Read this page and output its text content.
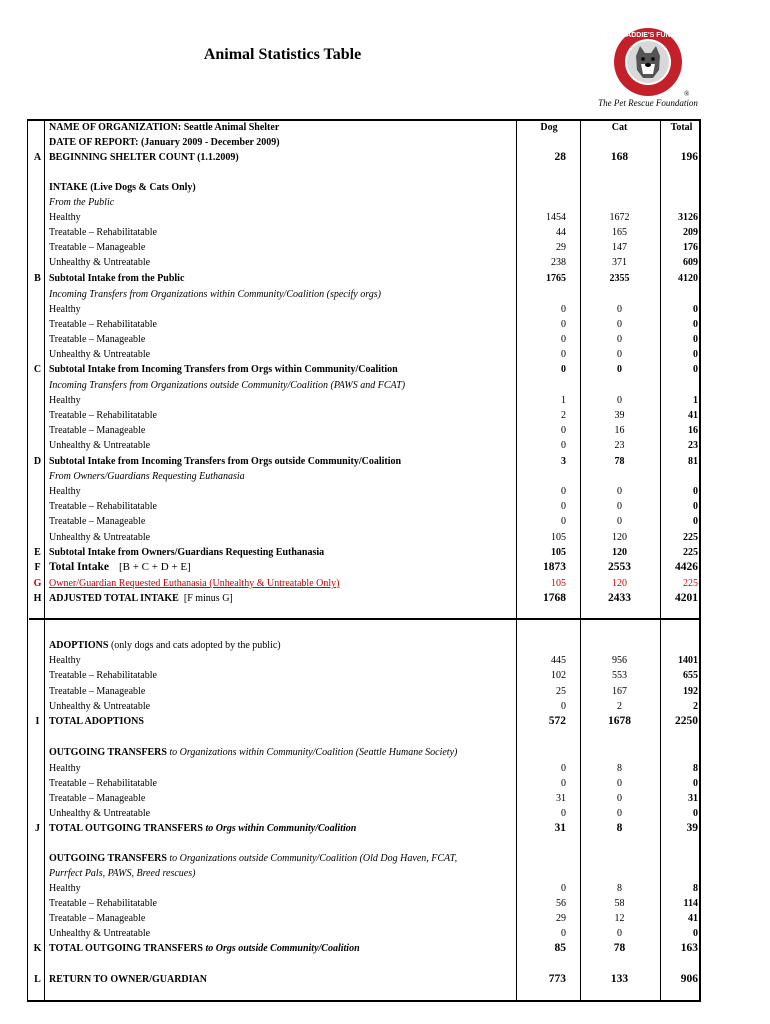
Animal Statistics Table
MADDIE'S FUND
®
The Pet Rescue Foundation
NAME OF ORGANIZATION: Seattle Animal Shelter	Dog	Cat	Total
DATE OF REPORT: (January 2009 - December 2009)
A BEGINNING SHELTER COUNT (1.1.2009)	28	168	196
INTAKE (Live Dogs & Cats Only)
From the Public
Healthy	1454	1672	3126
Treatable – Rehabilitatable	44	165	209
Treatable – Manageable	29	147	176
Unhealthy & Untreatable	238	371	609
B Subtotal Intake from the Public	1765	2355	4120
Incoming Transfers from Organizations within Community/Coalition (specify orgs)
Healthy	0	0	0
Treatable – Rehabilitatable	0	0	0
Treatable – Manageable	0	0	0
Unhealthy & Untreatable	0	0	0
C Subtotal Intake from Incoming Transfers from Orgs within Community/Coalition	0	0	0
Incoming Transfers from Organizations outside Community/Coalition (PAWS and FCAT)
Healthy	1	0	1
Treatable – Rehabilitatable	2	39	41
Treatable – Manageable	0	16	16
Unhealthy & Untreatable	0	23	23
D Subtotal Intake from Incoming Transfers from Orgs outside Community/Coalition	3	78	81
From Owners/Guardians Requesting Euthanasia
Healthy	0	0	0
Treatable – Rehabilitatable	0	0	0
Treatable – Manageable	0	0	0
Unhealthy & Untreatable	105	120	225
E Subtotal Intake from Owners/Guardians Requesting Euthanasia	105	120	225
F Total Intake [B + C + D + E]	1873	2553	4426
G Owner/Guardian Requested Euthanasia (Unhealthy & Untreatable Only)	105	120	225
H ADJUSTED TOTAL INTAKE [F minus G]	1768	2433	4201
ADOPTIONS (only dogs and cats adopted by the public)
Healthy	445	956	1401
Treatable – Rehabilitatable	102	553	655
Treatable – Manageable	25	167	192
Unhealthy & Untreatable	0	2	2
I TOTAL ADOPTIONS	572	1678	2250
OUTGOING TRANSFERS to Organizations within Community/Coalition (Seattle Humane Society)
Healthy	0	8	8
Treatable – Rehabilitatable	0	0	0
Treatable – Manageable	31	0	31
Unhealthy & Untreatable	0	0	0
J TOTAL OUTGOING TRANSFERS to Orgs within Community/Coalition	31	8	39
OUTGOING TRANSFERS to Organizations outside Community/Coalition (Old Dog Haven, FCAT,
Purrfect Pals, PAWS, Breed rescues)
Healthy	0	8	8
Treatable – Rehabilitatable	56	58	114
Treatable – Manageable	29	12	41
Unhealthy & Untreatable	0	0	0
K TOTAL OUTGOING TRANSFERS to Orgs outside Community/Coalition	85	78	163
L RETURN TO OWNER/GUARDIAN	773	133	906
